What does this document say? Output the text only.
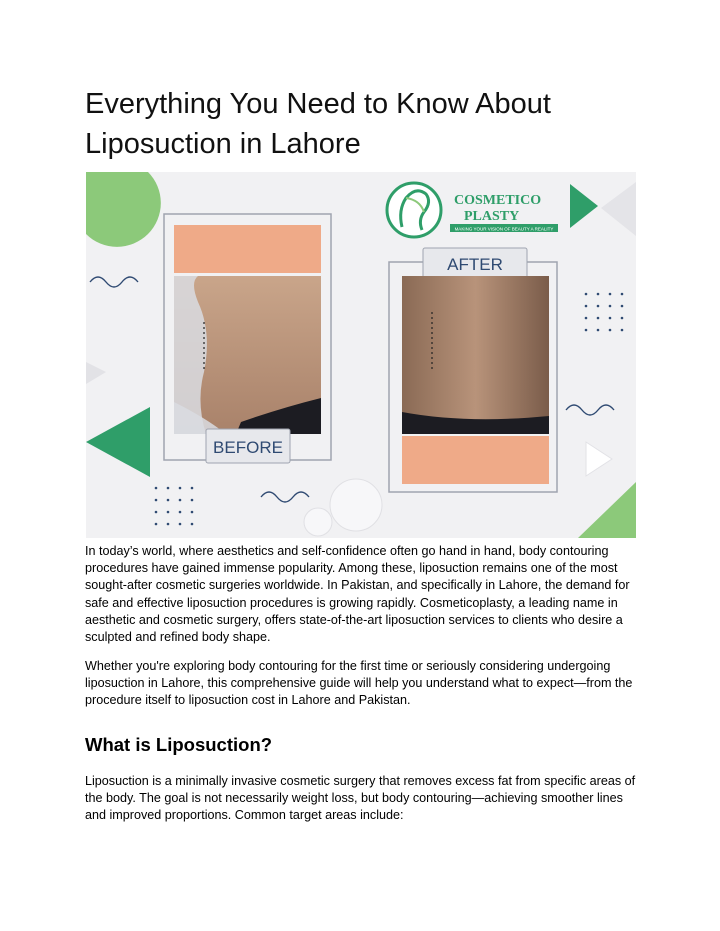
Everything You Need to Know About Liposuction in Lahore
COSMETICO
PLASTY
MAKING YOUR VISION OF BEAUTY A REALITY
BEFORE
AFTER

In today’s world, where aesthetics and self-confidence often go hand in hand, body contouring procedures have gained immense popularity. Among these, liposuction remains one of the most sought-after cosmetic surgeries worldwide. In Pakistan, and specifically in Lahore, the demand for safe and effective liposuction procedures is growing rapidly. Cosmeticoplasty, a leading name in aesthetic and cosmetic surgery, offers state-of-the-art liposuction services to clients who desire a sculpted and refined body shape.

Whether you're exploring body contouring for the first time or seriously considering undergoing liposuction in Lahore, this comprehensive guide will help you understand what to expect—from the procedure itself to liposuction cost in Lahore and Pakistan.

What is Liposuction?

Liposuction is a minimally invasive cosmetic surgery that removes excess fat from specific areas of the body. The goal is not necessarily weight loss, but body contouring—achieving smoother lines and improved proportions. Common target areas include:
